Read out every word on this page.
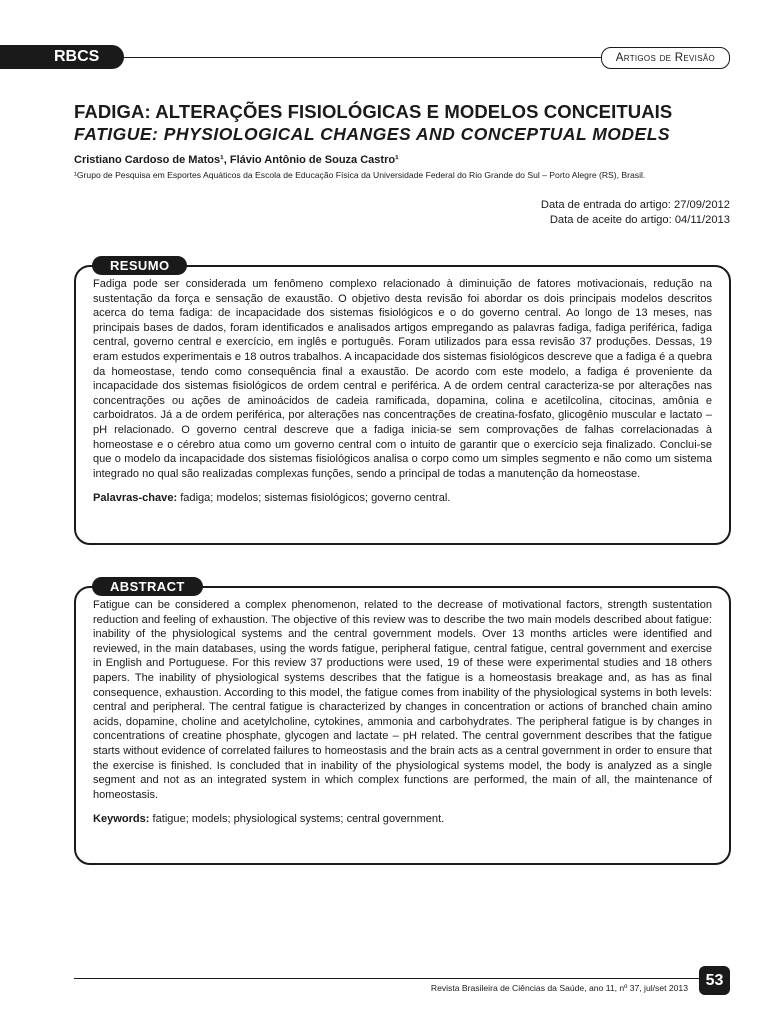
RBCS	Artigos de Revisão
FADIGA: ALTERAÇÕES FISIOLÓGICAS E MODELOS CONCEITUAIS
FATIGUE: PHYSIOLOGICAL CHANGES AND CONCEPTUAL MODELS
Cristiano Cardoso de Matos¹, Flávio Antônio de Souza Castro¹
¹Grupo de Pesquisa em Esportes Aquáticos da Escola de Educação Física da Universidade Federal do Rio Grande do Sul – Porto Alegre (RS), Brasil.
Data de entrada do artigo: 27/09/2012
Data de aceite do artigo: 04/11/2013

Fadiga pode ser considerada um fenômeno complexo relacionado à diminuição de fatores motivacionais, redução na sustentação da força e sensação de exaustão. O objetivo desta revisão foi abordar os dois principais modelos descritos acerca do tema fadiga: de incapacidade dos sistemas fisiológicos e o do governo central. Ao longo de 13 meses, nas principais bases de dados, foram identificados e analisados artigos empregando as palavras fadiga, fadiga periférica, fadiga central, governo central e exercício, em inglês e português. Foram utilizados para essa revisão 37 produções. Dessas, 19 eram estudos experimentais e 18 outros trabalhos. A incapacidade dos sistemas fisiológicos descreve que a fadiga é a quebra da homeostase, tendo como consequência final a exaustão. De acordo com este modelo, a fadiga é proveniente da incapacidade dos sistemas fisiológicos de ordem central e periférica. A de ordem central caracteriza-se por alterações nas concentrações ou ações de aminoácidos de cadeia ramificada, dopamina, colina e acetilcolina, citocinas, amônia e carboidratos. Já a de ordem periférica, por alterações nas concentrações de creatina-fosfato, glicogênio muscular e lactato – pH relacionado. O governo central descreve que a fadiga inicia-se sem comprovações de falhas correlacionadas à homeostase e o cérebro atua como um governo central com o intuito de garantir que o exercício seja finalizado. Conclui-se que o modelo da incapacidade dos sistemas fisiológicos analisa o corpo como um simples segmento e não como um sistema integrado no qual são realizadas complexas funções, sendo a principal de todas a manutenção da homeostase.

Palavras-chave: fadiga; modelos; sistemas fisiológicos; governo central.

RESUMO

Fatigue can be considered a complex phenomenon, related to the decrease of motivational factors, strength sustentation reduction and feeling of exhaustion. The objective of this review was to describe the two main models described about fatigue: inability of the physiological systems and the central government models. Over 13 months articles were identified and reviewed, in the main databases, using the words fatigue, peripheral fatigue, central fatigue, central government and exercise in English and Portuguese. For this review 37 productions were used, 19 of these were experimental studies and 18 others papers. The inability of physiological systems describes that the fatigue is a homeostasis breakage and, as has as final consequence, exhaustion. According to this model, the fatigue comes from inability of the physiological systems in both levels: central and peripheral. The central fatigue is characterized by changes in concentration or actions of branched chain amino acids, dopamine, choline and acetylcholine, cytokines, ammonia and carbohydrates. The peripheral fatigue is by changes in concentrations of creatine phosphate, glycogen and lactate – pH related. The central government describes that the fatigue starts without evidence of correlated failures to homeostasis and the brain acts as a central government in order to ensure that the exercise is finished. Is concluded that in inability of the physiological systems model, the body is analyzed as a single segment and not as an integrated system in which complex functions are performed, the main of all, the maintenance of homeostasis.

Keywords: fatigue; models; physiological systems; central government.

ABSTRACT
Revista Brasileira de Ciências da Saúde, ano 11, nº 37, jul/set 2013	53
